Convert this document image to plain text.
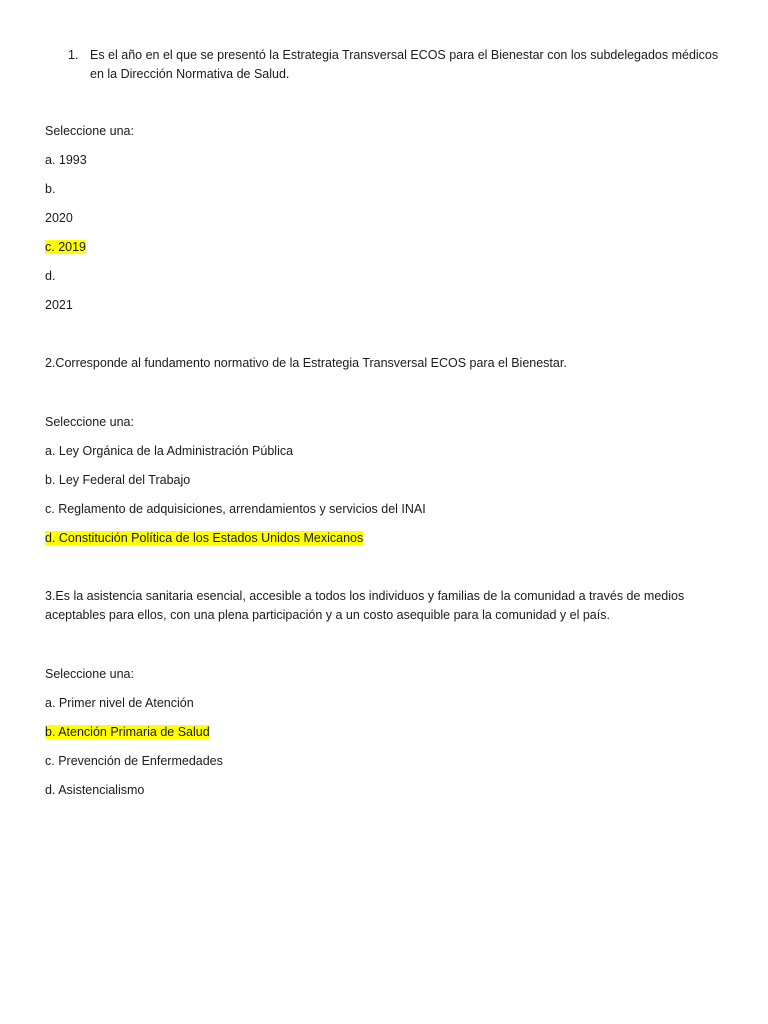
1. Es el año en el que se presentó la Estrategia Transversal ECOS para el Bienestar con los subdelegados médicos en la Dirección Normativa de Salud.
Seleccione una:
a. 1993
b.
2020
c. 2019
d.
2021
2.Corresponde al fundamento normativo de la Estrategia Transversal ECOS para el Bienestar.
Seleccione una:
a. Ley Orgánica de la Administración Pública
b. Ley Federal del Trabajo
c. Reglamento de adquisiciones, arrendamientos y servicios del INAI
d. Constitución Política de los Estados Unidos Mexicanos
3.Es la asistencia sanitaria esencial, accesible a todos los individuos y familias de la comunidad a través de medios aceptables para ellos, con una plena participación y a un costo asequible para la comunidad y el país.
Seleccione una:
a. Primer nivel de Atención
b. Atención Primaria de Salud
c. Prevención de Enfermedades
d. Asistencialismo
